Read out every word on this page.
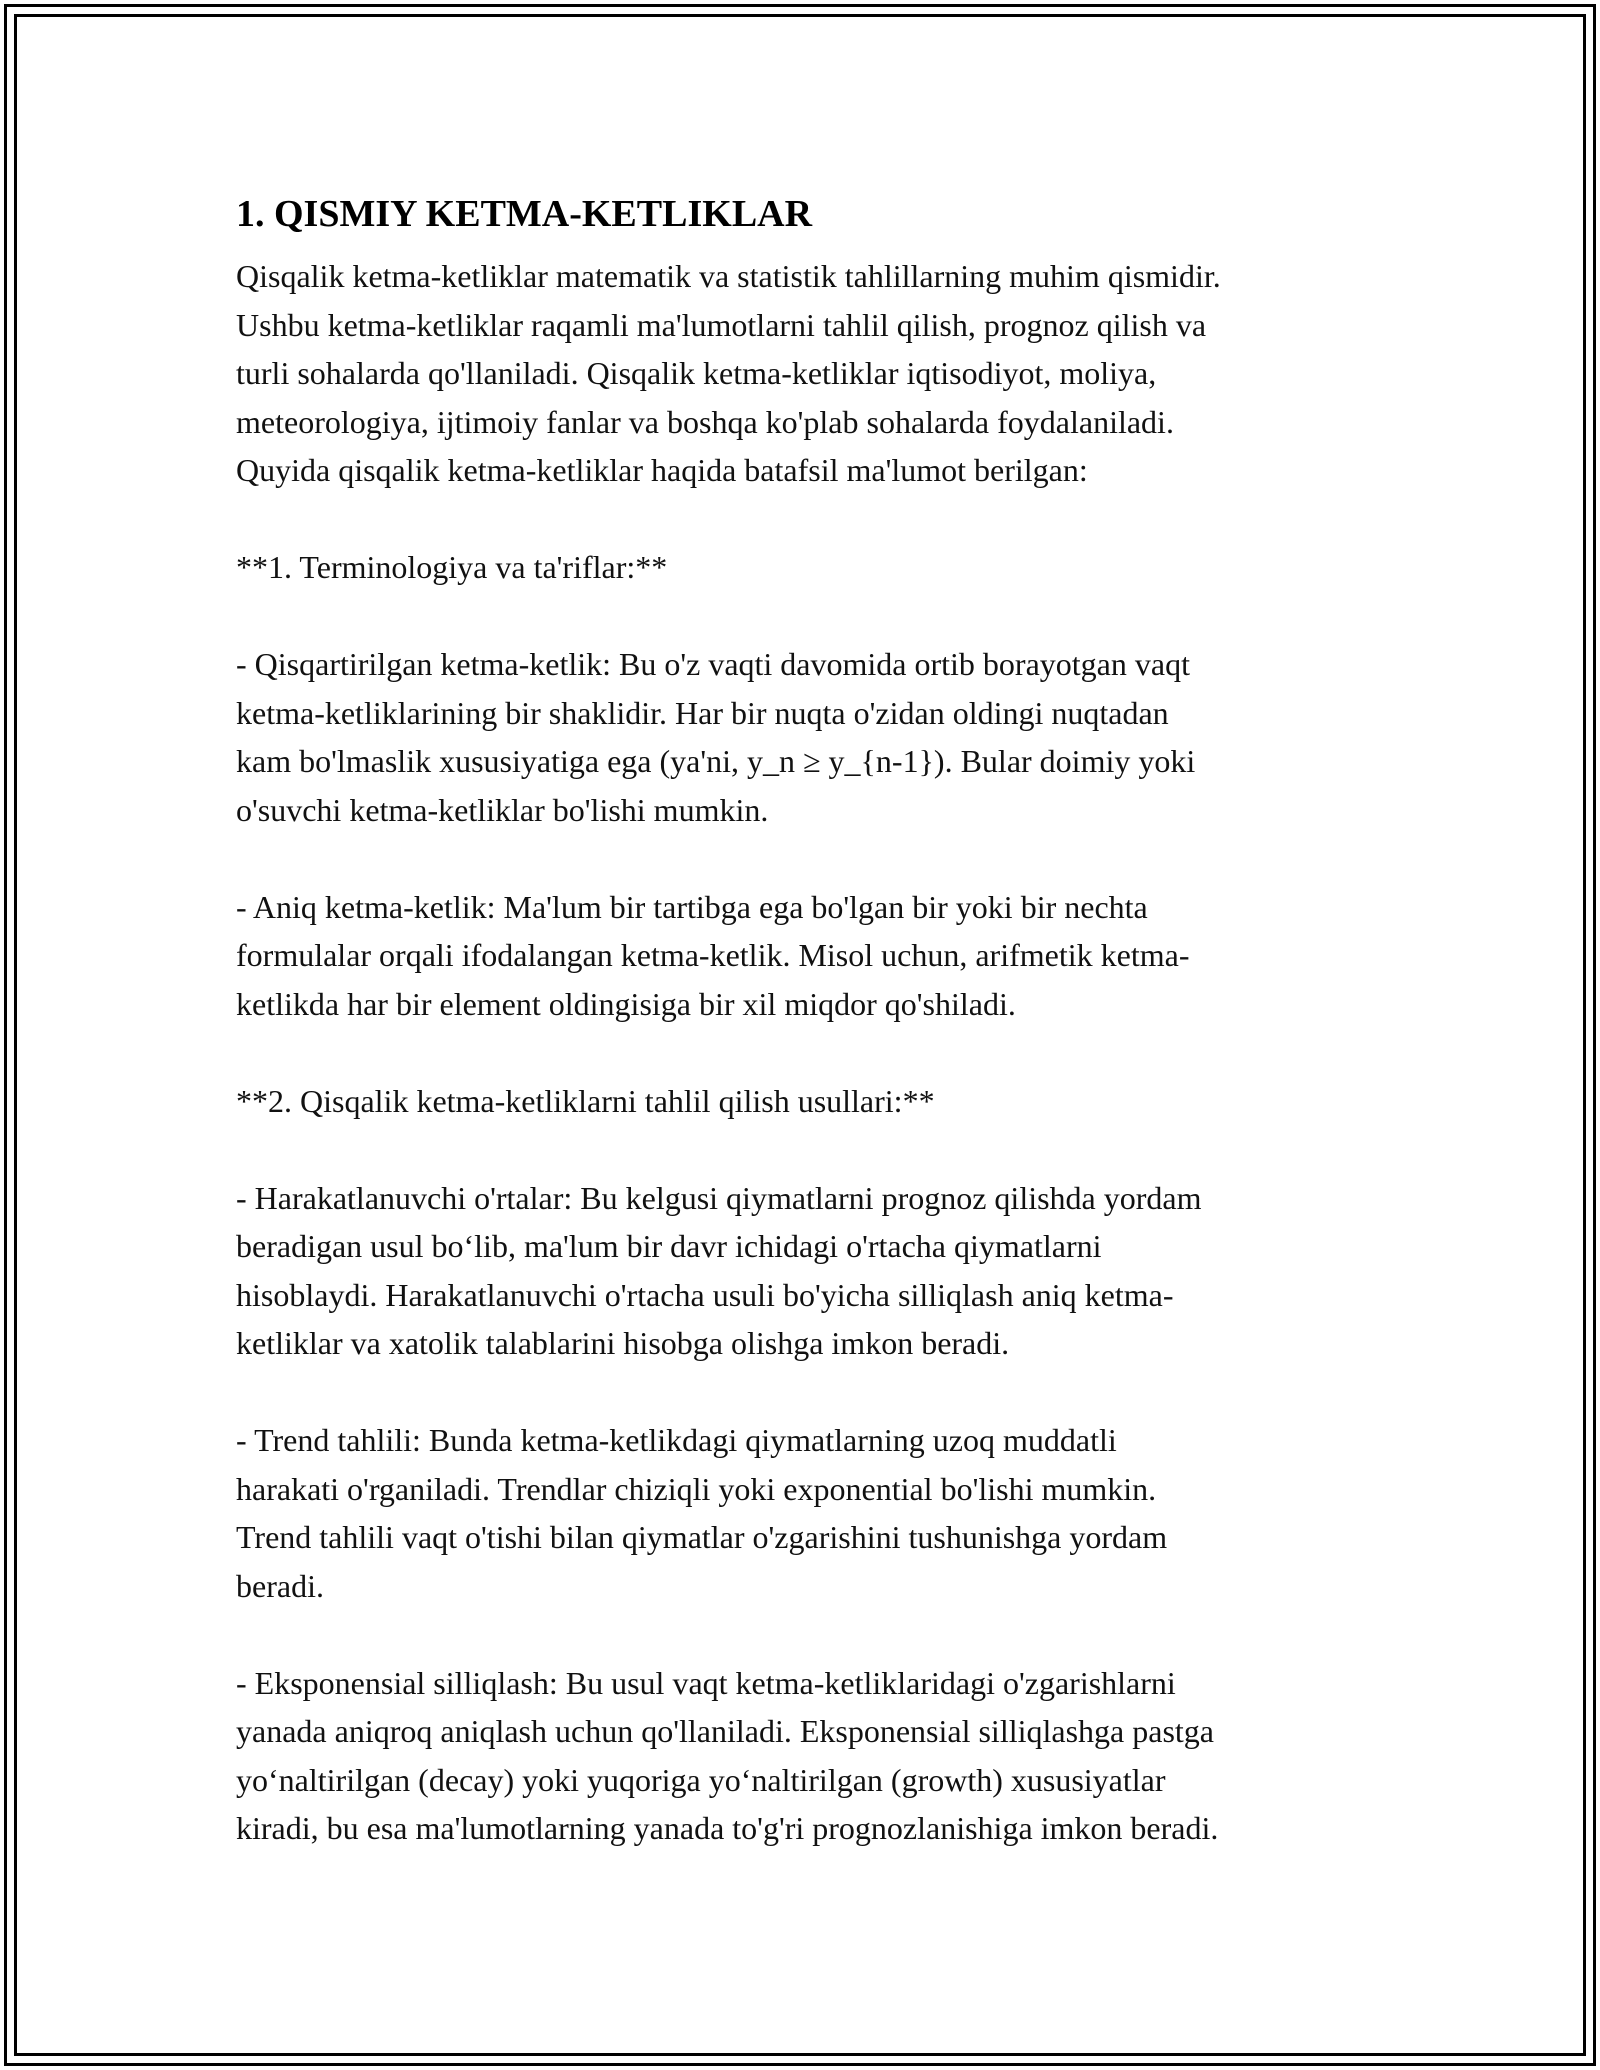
1. QISMIY KETMA-KETLIKLAR

Qisqalik ketma-ketliklar matematik va statistik tahlillarning muhim qismidir.
Ushbu ketma-ketliklar raqamli ma'lumotlarni tahlil qilish, prognoz qilish va
turli sohalarda qo'llaniladi. Qisqalik ketma-ketliklar iqtisodiyot, moliya,
meteorologiya, ijtimoiy fanlar va boshqa ko'plab sohalarda foydalaniladi.
Quyida qisqalik ketma-ketliklar haqida batafsil ma'lumot berilgan:

**1. Terminologiya va ta'riflar:**

- Qisqartirilgan ketma-ketlik: Bu o'z vaqti davomida ortib borayotgan vaqt
ketma-ketliklarining bir shaklidir. Har bir nuqta o'zidan oldingi nuqtadan
kam bo'lmaslik xususiyatiga ega (ya'ni, y_n ≥ y_{n-1}). Bular doimiy yoki
o'suvchi ketma-ketliklar bo'lishi mumkin.

- Aniq ketma-ketlik: Ma'lum bir tartibga ega bo'lgan bir yoki bir nechta
formulalar orqali ifodalangan ketma-ketlik. Misol uchun, arifmetik ketma-
ketlikda har bir element oldingisiga bir xil miqdor qo'shiladi.

**2. Qisqalik ketma-ketliklarni tahlil qilish usullari:**

- Harakatlanuvchi o'rtalar: Bu kelgusi qiymatlarni prognoz qilishda yordam
beradigan usul bo‘lib, ma'lum bir davr ichidagi o'rtacha qiymatlarni
hisoblaydi. Harakatlanuvchi o'rtacha usuli bo'yicha silliqlash aniq ketma-
ketliklar va xatolik talablarini hisobga olishga imkon beradi.

- Trend tahlili: Bunda ketma-ketlikdagi qiymatlarning uzoq muddatli
harakati o'rganiladi. Trendlar chiziqli yoki exponential bo'lishi mumkin.
Trend tahlili vaqt o'tishi bilan qiymatlar o'zgarishini tushunishga yordam
beradi.

- Eksponensial silliqlash: Bu usul vaqt ketma-ketliklaridagi o'zgarishlarni
yanada aniqroq aniqlash uchun qo'llaniladi. Eksponensial silliqlashga pastga
yo‘naltirilgan (decay) yoki yuqoriga yo‘naltirilgan (growth) xususiyatlar
kiradi, bu esa ma'lumotlarning yanada to'g'ri prognozlanishiga imkon beradi.
